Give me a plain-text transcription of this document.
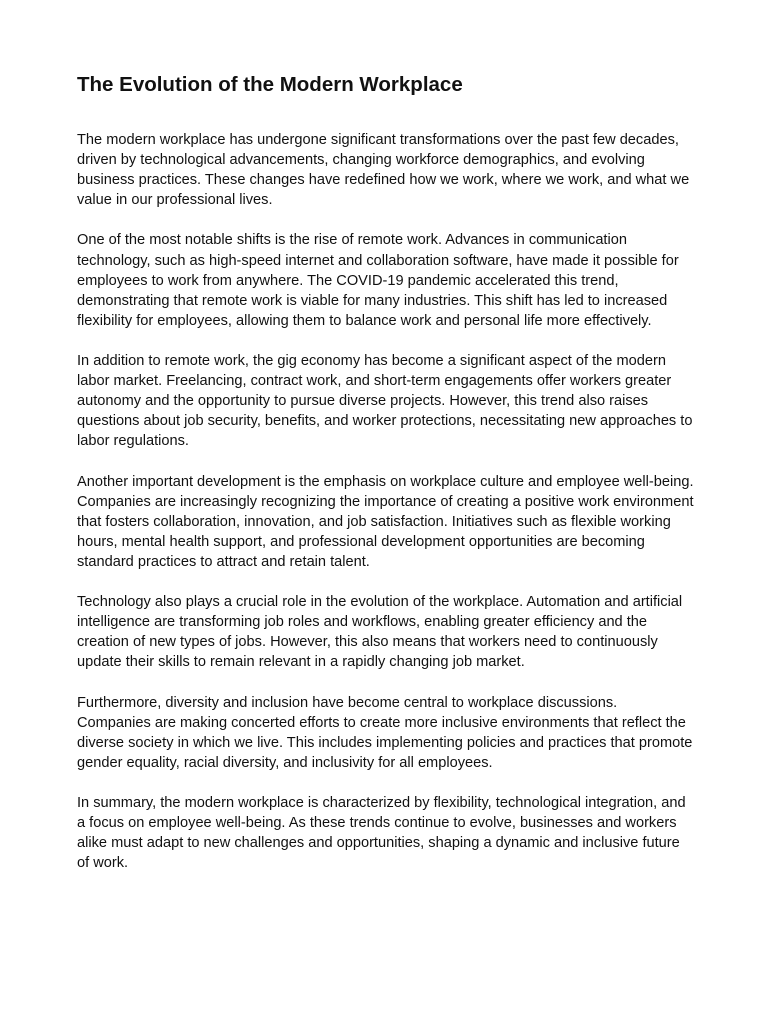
The Evolution of the Modern Workplace

The modern workplace has undergone significant transformations over the past few decades, driven by technological advancements, changing workforce demographics, and evolving business practices. These changes have redefined how we work, where we work, and what we value in our professional lives.

One of the most notable shifts is the rise of remote work. Advances in communication technology, such as high-speed internet and collaboration software, have made it possible for employees to work from anywhere. The COVID-19 pandemic accelerated this trend, demonstrating that remote work is viable for many industries. This shift has led to increased flexibility for employees, allowing them to balance work and personal life more effectively.

In addition to remote work, the gig economy has become a significant aspect of the modern labor market. Freelancing, contract work, and short-term engagements offer workers greater autonomy and the opportunity to pursue diverse projects. However, this trend also raises questions about job security, benefits, and worker protections, necessitating new approaches to labor regulations.

Another important development is the emphasis on workplace culture and employee well-being. Companies are increasingly recognizing the importance of creating a positive work environment that fosters collaboration, innovation, and job satisfaction. Initiatives such as flexible working hours, mental health support, and professional development opportunities are becoming standard practices to attract and retain talent.

Technology also plays a crucial role in the evolution of the workplace. Automation and artificial intelligence are transforming job roles and workflows, enabling greater efficiency and the creation of new types of jobs. However, this also means that workers need to continuously update their skills to remain relevant in a rapidly changing job market.

Furthermore, diversity and inclusion have become central to workplace discussions. Companies are making concerted efforts to create more inclusive environments that reflect the diverse society in which we live. This includes implementing policies and practices that promote gender equality, racial diversity, and inclusivity for all employees.

In summary, the modern workplace is characterized by flexibility, technological integration, and a focus on employee well-being. As these trends continue to evolve, businesses and workers alike must adapt to new challenges and opportunities, shaping a dynamic and inclusive future of work.
